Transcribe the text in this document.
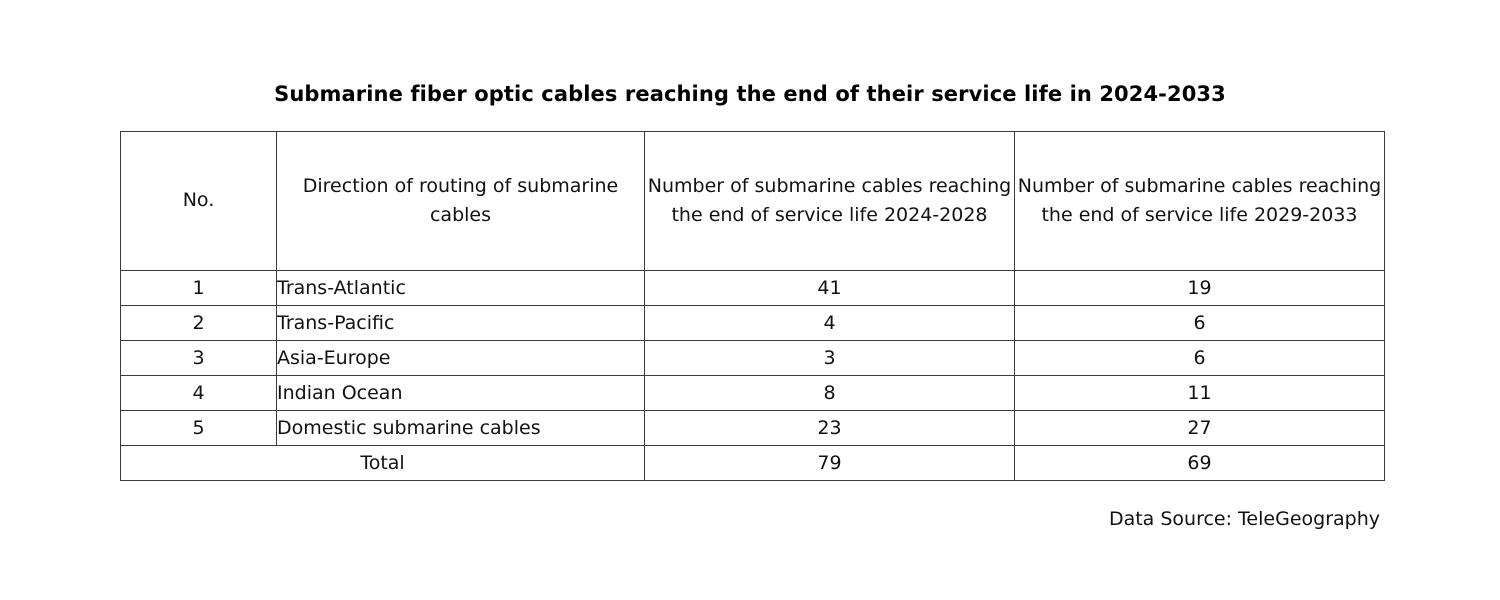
Submarine fiber optic cables reaching the end of their service life in 2024-2033
No.	Direction of routing of submarine cables	Number of submarine cables reaching the end of service life 2024-2028	Number of submarine cables reaching the end of service life 2029-2033
1	Trans-Atlantic	41	19
2	Trans-Pacific	4	6
3	Asia-Europe	3	6
4	Indian Ocean	8	11
5	Domestic submarine cables	23	27
Total		79	69
Data Source: TeleGeography
